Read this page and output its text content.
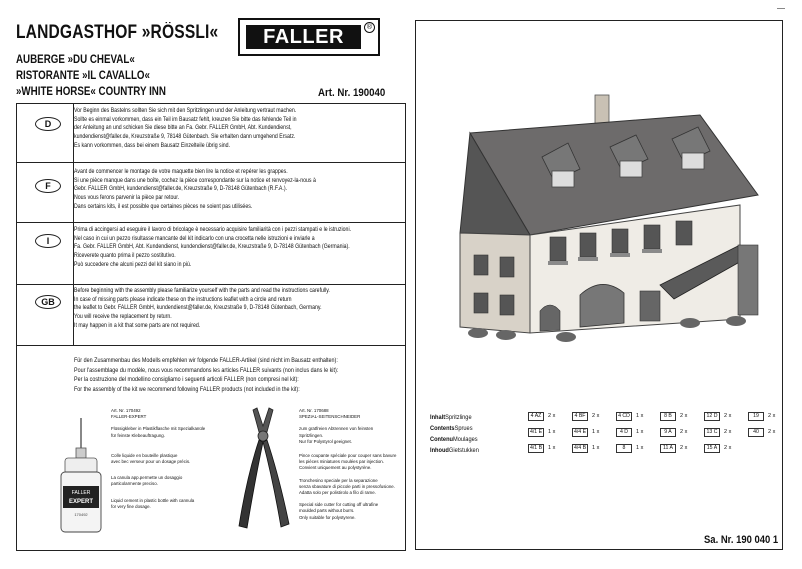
LANDGASTHOF »RÖSSLI«
AUBERGE »DU CHEVAL«
RISTORANTE »IL CAVALLO«
»WHITE HORSE« COUNTRY INN	Art. Nr. 190040
FALLER	®
D

Vor Beginn des Bastelns sollten Sie sich mit den Spritzlingen und der Anleitung vertraut machen.

Sollte es einmal vorkommen, dass ein Teil im Bausatz fehlt, kreuzen Sie bitte das fehlende Teil in

der Anleitung an und schicken Sie diese bitte an Fa. Gebr. FALLER GmbH, Abt. Kundendienst,

kundendienst@faller.de, Kreuzstraße 9, 78148 Gütenbach. Sie erhalten dann umgehend Ersatz.

Es kann vorkommen, dass bei einem Bausatz Einzelteile übrig sind.

F

Avant de commencer le montage de votre maquette bien lire la notice et repérer les grappes.

Si une pièce manque dans une boîte, cochez la pièce correspondante sur la notice et renvoyez-la-nous à

Gebr. FALLER GmbH, kundendienst@faller.de, Kreuzstraße 9, D-78148 Gütenbach (R.F.A.).

Nous vous ferons parvenir la pièce par retour.

Dans certains kits, il est possible que certaines pièces ne soient pas utilisées.

I

Prima di accingersi ad eseguire il lavoro di bricolage è necessario acquisire familiarità con i pezzi stampati e le istruzioni.

Nel caso in cui un pezzo risultasse mancante del kit indicarlo con una crocetta nelle istruzioni e inviarle a

Fa. Gebr. FALLER GmbH, Abt. Kundendienst, kundendienst@faller.de, Kreuzstraße 9, D-78148 Gütenbach (Germania).

Riceverete quanto prima il pezzo sostitutivo.

Può succedere che alcuni pezzi del kit siano in più.

GB

Before beginning with the assembly please familiarize yourself with the parts and read the instructions carefully.

In case of missing parts please indicate these on the instructions leaflet with a circle and return

the leaflet to Gebr. FALLER GmbH, kundendienst@faller.de, Kreuzstraße 9, D-78148 Gütenbach, Germany.

You will receive the replacement by return.

It may happen in a kit that some parts are not required.

Für den Zusammenbau des Modells empfehlen wir folgende FALLER-Artikel (sind nicht im Bausatz enthalten):

Pour l'assemblage du modèle, nous vous recommandons les articles FALLER suivants (non inclus dans le kit):

Per la costruzione del modellino consigliamo i seguenti articoli FALLER (non compresi nel kit):

For the assembly of the kit we recommend following FALLER products (not included in the kit):

FALLER
EXPERT
170492

Art. Nr. 170492

FALLER-EXPERT

Flüssigkleber in Plastikflasche mit Spezialkanüle

für feinste Klebeauftragung.

Colle liquide en bouteille plastique

avec bec verseur pour un dosage précis.

La canula app.permette un dosaggio

particolarmente preciso.

Liquid cement in plastic bottle with cannula

for very fine dosage.

Art. Nr. 170688

SPEZIAL-SEITENSCHNEIDER

zum gratfreien Abtrennen von feinsten

Spritzlingen.

Nur für Polystyrol geeignet.

Pince coupante spéciale pour couper sans bavure

les pièces miniatures moulées par injection.

Convient uniquement au polystyrène.

Tronchesino speciale per la separazione

senza sbavature di piccole parti in pressofusione.

Adatta solo per polistirolo a filo di rame.

Special side cutter for cutting off ultrafine

moulded parts without burrs.

Only suitable for polystyrene.

InhaltSpritzlinge
ContentsSprues
ContenuMoulages
InhoudGietstukken
4 AZ	2 x	4 BF	2 x	4 CD	1 x	8 B	2 x	12 D	2 x	19	2 x
4/1 E	1 x	4/4 E	1 x	4 D	1 x	9 A	2 x	13 C	2 x	40	2 x
4/1 B	1 x	4/4 B	1 x	8	1 x	11 A	2 x	15 A	2 x
Sa. Nr. 190 040 1
